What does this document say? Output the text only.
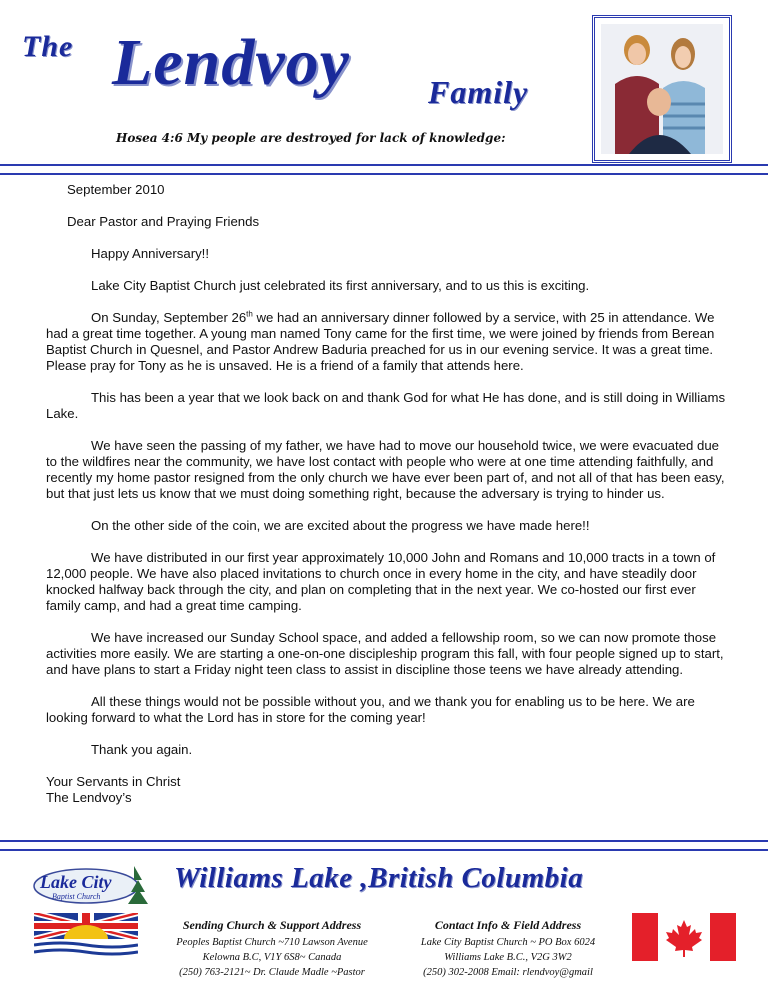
The Lendvoy Family
Hosea 4:6 My people are destroyed for lack of knowledge:

September 2010

Dear Pastor and Praying Friends

Happy Anniversary!!

Lake City Baptist Church just celebrated its first anniversary, and to us this is exciting.

On Sunday, September 26th we had an anniversary dinner followed by a service, with 25 in attendance. We had a great time together. A young man named Tony came for the first time, we were joined by friends from Berean Baptist Church in Quesnel, and Pastor Andrew Baduria preached for us in our evening service. It was a great time. Please pray for Tony as he is unsaved. He is a friend of a family that attends here.

This has been a year that we look back on and thank God for what He has done, and is still doing in Williams Lake.

We have seen the passing of my father, we have had to move our household twice, we were evacuated due to the wildfires near the community, we have lost contact with people who were at one time attending faithfully, and recently my home pastor resigned from the only church we have ever been part of, and not all of that has been easy, but that just lets us know that we must doing something right, because the adversary is trying to hinder us.

On the other side of the coin, we are excited about the progress we have made here!!

We have distributed in our first year approximately 10,000 John and Romans and 10,000 tracts in a town of 12,000 people. We have also placed invitations to church once in every home in the city, and have steadily door knocked halfway back through the city, and plan on completing that in the next year. We co-hosted our first ever family camp, and had a great time camping.

We have increased our Sunday School space, and added a fellowship room, so we can now promote those activities more easily. We are starting a one-on-one discipleship program this fall, with four people signed up to start, and have plans to start a Friday night teen class to assist in discipline those teens we have already attending.

All these things would not be possible without you, and we thank you for enabling us to be here. We are looking forward to what the Lord has in store for the coming year!

Thank you again.

Your Servants in Christ

The Lendvoy’s

Lake City
Baptist Church
Williams Lake ,British Columbia
Sending Church & Support Address
Peoples Baptist Church ~710 Lawson Avenue
Kelowna B.C, V1Y 6S8~ Canada
(250) 763-2121~ Dr. Claude Madle ~Pastor
Contact Info & Field Address
Lake City Baptist Church ~ PO Box 6024
Williams Lake B.C., V2G 3W2
(250) 302-2008 Email: rlendvoy@gmail
